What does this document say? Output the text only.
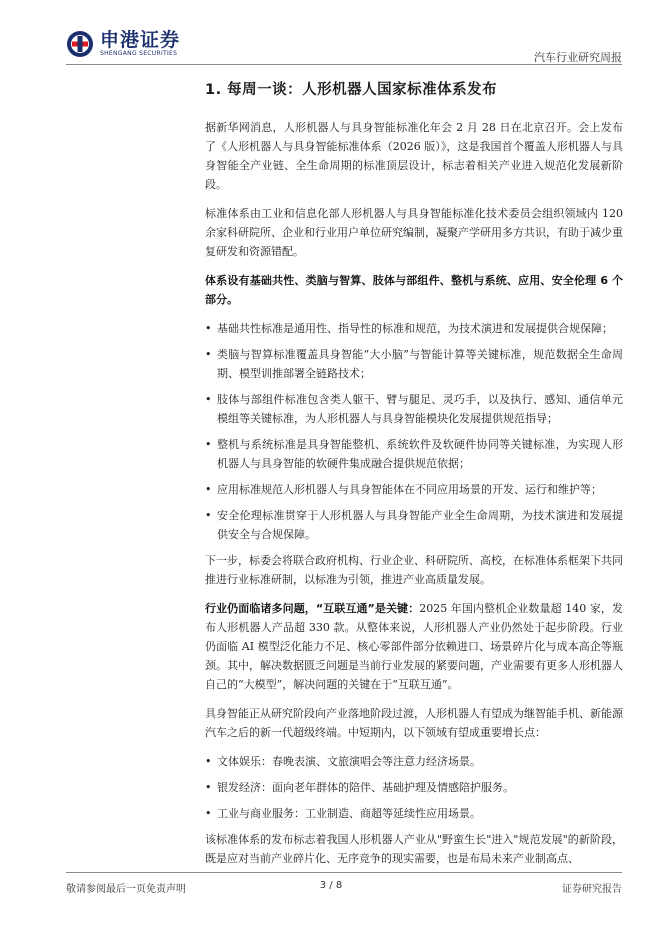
申港证券
SHENGANG SECURITIES	汽车行业研究周报
1. 每周一谈：人形机器人国家标准体系发布

据新华网消息，人形机器人与具身智能标准化年会 2 月 28 日在北京召开。会上发布了《人形机器人与具身智能标准体系（2026 版）》，这是我国首个覆盖人形机器人与具身智能全产业链、全生命周期的标准顶层设计，标志着相关产业进入规范化发展新阶段。

标准体系由工业和信息化部人形机器人与具身智能标准化技术委员会组织领域内 120 余家科研院所、企业和行业用户单位研究编制，凝聚产学研用多方共识，有助于减少重复研发和资源错配。

体系设有基础共性、类脑与智算、肢体与部组件、整机与系统、应用、安全伦理 6 个部分。

• 基础共性标准是通用性、指导性的标准和规范，为技术演进和发展提供合规保障；
• 类脑与智算标准覆盖具身智能“大小脑”与智能计算等关键标准，规范数据全生命周期、模型训推部署全链路技术；
• 肢体与部组件标准包含类人躯干、臂与腿足、灵巧手，以及执行、感知、通信单元模组等关键标准，为人形机器人与具身智能模块化发展提供规范指导；
• 整机与系统标准是具身智能整机、系统软件及软硬件协同等关键标准，为实现人形机器人与具身智能的软硬件集成融合提供规范依据；
• 应用标准规范人形机器人与具身智能体在不同应用场景的开发、运行和维护等；
• 安全伦理标准贯穿于人形机器人与具身智能产业全生命周期，为技术演进和发展提供安全与合规保障。

下一步，标委会将联合政府机构、行业企业、科研院所、高校，在标准体系框架下共同推进行业标准研制，以标准为引领，推进产业高质量发展。

行业仍面临诸多问题，“互联互通”是关键：2025 年国内整机企业数量超 140 家，发布人形机器人产品超 330 款。从整体来说，人形机器人产业仍然处于起步阶段。行业仍面临 AI 模型泛化能力不足、核心零部件部分依赖进口、场景碎片化与成本高企等瓶颈。其中，解决数据匮乏问题是当前行业发展的紧要问题，产业需要有更多人形机器人自己的“大模型”，解决问题的关键在于“互联互通”。

具身智能正从研究阶段向产业落地阶段过渡，人形机器人有望成为继智能手机、新能源汽车之后的新一代超级终端。中短期内，以下领域有望成重要增长点：

• 文体娱乐：春晚表演、文旅演唱会等注意力经济场景。
• 银发经济：面向老年群体的陪伴、基础护理及情感陪护服务。
• 工业与商业服务：工业制造、商超等延续性应用场景。

该标准体系的发布标志着我国人形机器人产业从"野蛮生长"进入"规范发展"的新阶段，既是应对当前产业碎片化、无序竞争的现实需要，也是布局未来产业制高点、

敬请参阅最后一页免责声明	3 / 8	证券研究报告
